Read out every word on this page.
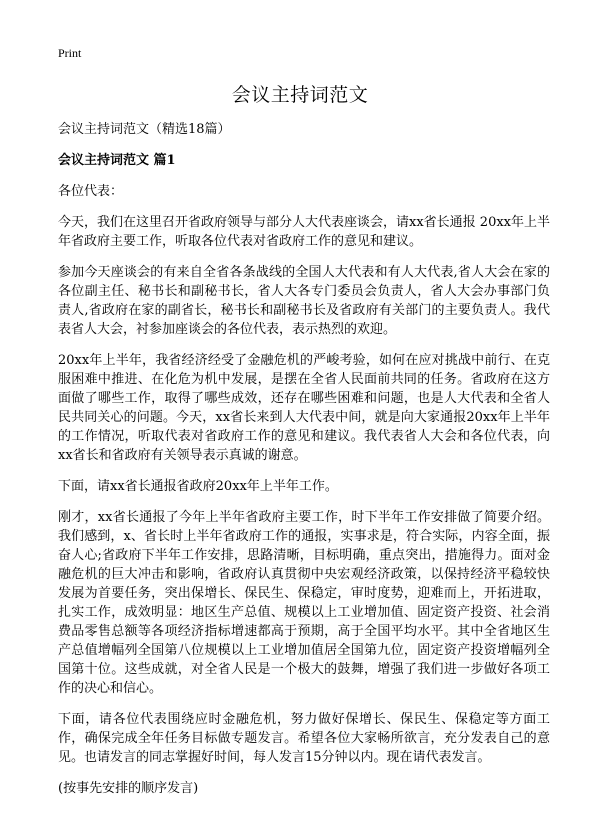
Print
会议主持词范文

会议主持词范文（精选18篇）

会议主持词范文 篇1

各位代表：

今天，我们在这里召开省政府领导与部分人大代表座谈会，请xx省长通报 20xx年上半年省政府主要工作，听取各位代表对省政府工作的意见和建议。

参加今天座谈会的有来自全省各条战线的全国人大代表和有人大代表,省人大会在家的各位副主任、秘书长和副秘书长，省人大各专门委员会负责人，省人大会办事部门负责人,省政府在家的副省长，秘书长和副秘书长及省政府有关部门的主要负责人。我代表省人大会，衬参加座谈会的各位代表，表示热烈的欢迎。

20xx年上半年，我省经济经受了金融危机的严峻考验，如何在应对挑战中前行、在克服困难中推进、在化危为机中发展，是摆在全省人民面前共同的任务。省政府在这方面做了哪些工作，取得了哪些成效，还存在哪些困难和问题，也是人大代表和全省人民共同关心的问题。今天，xx省长来到人大代表中间，就是向大家通报20xx年上半年的工作情况，听取代表对省政府工作的意见和建议。我代表省人大会和各位代表，向xx省长和省政府有关领导表示真诚的谢意。

下面，请xx省长通报省政府20xx年上半年工作。

刚才，xx省长通报了今年上半年省政府主要工作，时下半年工作安排做了简要介绍。我们感到，x、省长时上半年省政府工作的通报，实事求是，符合实际，内容全面，振奋人心;省政府下半年工作安排，思路清晰，目标明确，重点突出，措施得力。面对金融危机的巨大冲击和影响，省政府认真贯彻中央宏观经济政策，以保持经济平稳较快发展为首要任务，突出保增长、保民生、保稳定，审时度势，迎难而上，开拓进取，扎实工作，成效明显：地区生产总值、规模以上工业增加值、固定资产投资、社会消费品零售总额等各项经济指标增速都高于预期，高于全国平均水平。其中全省地区生产总值增幅列全国第八位规模以上工业增加值居全国第九位，固定资产投资增幅列全国第十位。这些成就，对全省人民是一个极大的鼓舞，增强了我们进一步做好各项工作的决心和信心。

下面，请各位代表围绕应时金融危机，努力做好保增长、保民生、保稳定等方面工作，确保完成全年任务目标做专题发言。希望各位大家畅所欲言，充分发表自己的意见。也请发言的同志掌握好时间，每人发言15分钟以内。现在请代表发言。

(按事先安排的顺序发言)
